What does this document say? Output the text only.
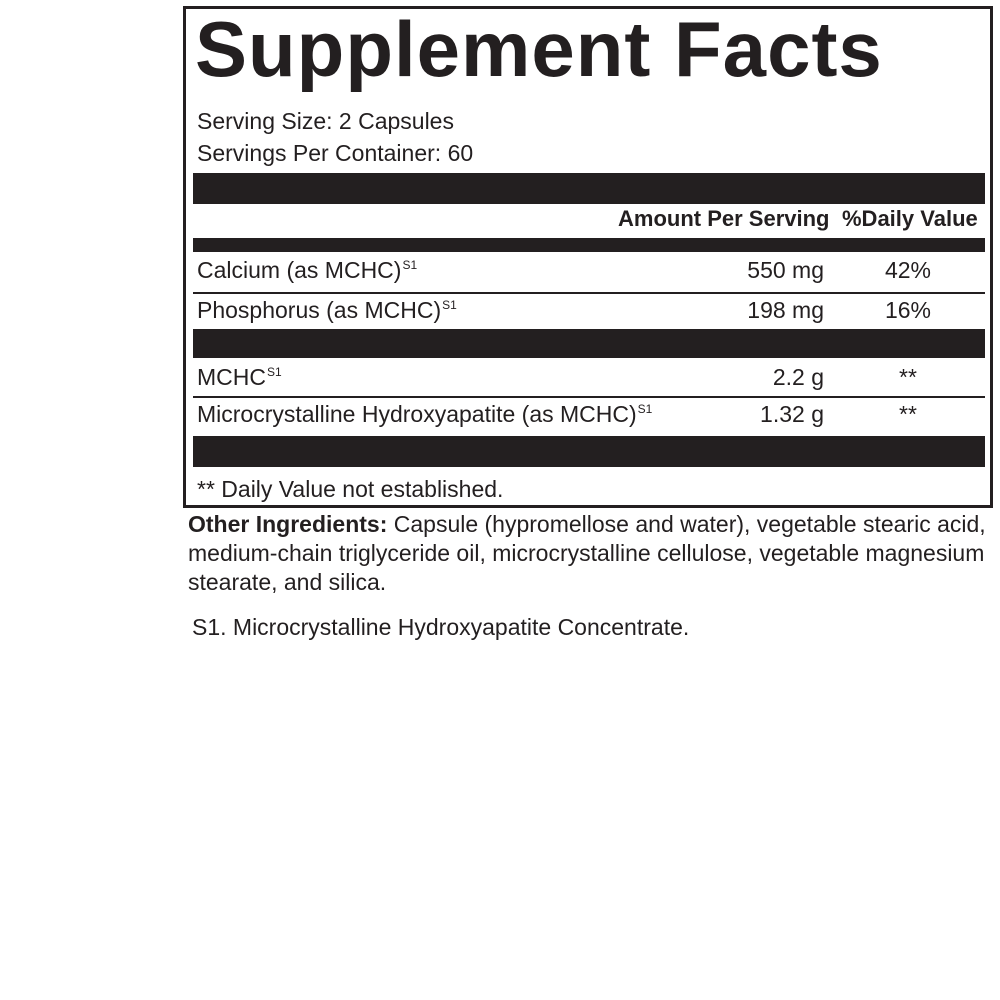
Supplement Facts
Serving Size: 2 Capsules
Servings Per Container: 60
Amount Per Serving %Daily Value
Calcium (as MCHC)$^{S1}$	550 mg	42%
Phosphorus (as MCHC)$^{S1}$	198 mg	16%
$MCHC^{S1}$	2.2 g	**
Microcrystalline Hydroxyapatite (as MCHC)$^{S1}$	1.32 g	**
** Daily Value not established.
Other Ingredients: Capsule (hypromellose and water), vegetable stearic acid, medium-chain triglyceride oil, microcrystalline cellulose, vegetable magnesium stearate, and silica.
S1. Microcrystalline Hydroxyapatite Concentrate.
